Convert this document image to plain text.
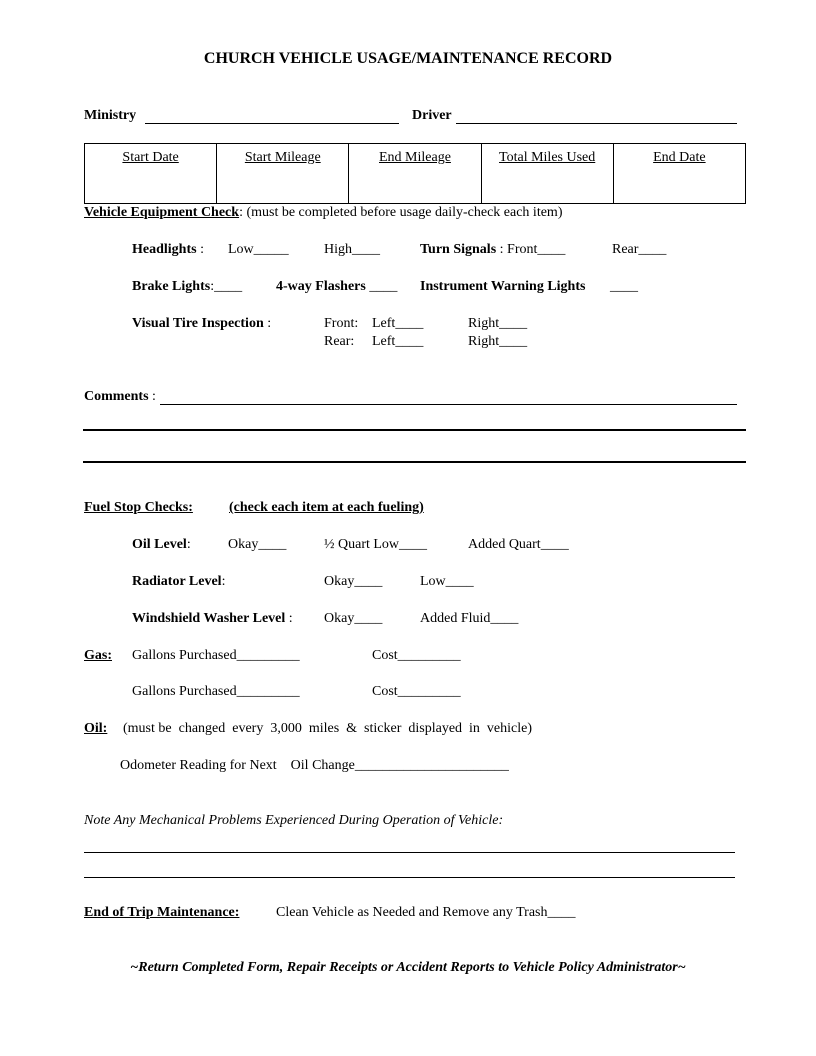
CHURCH VEHICLE USAGE/MAINTENANCE RECORD
Ministry	Driver
Start Date	Start Mileage	End Mileage	Total Miles Used	End Date
Vehicle Equipment Check: (must be completed before usage daily-check each item)
Headlights : Low_____	High____	Turn Signals : Front____	Rear____
Brake Lights:____ 4-way Flashers ____ Instrument Warning Lights ____
Visual Tire Inspection :	Front: Left____	Right____
Rear: Left____	Right____
Comments :
Fuel Stop Checks:	(check each item at each fueling)
Oil Level:	Okay____	½ Quart Low____	Added Quart____
Radiator Level:	Okay____	Low____
Windshield Washer Level : Okay____	Added Fluid____
Gas: Gallons Purchased_________	Cost_________
Gallons Purchased_________	Cost_________
Oil: (must be  changed  every  3,000  miles  &  sticker  displayed  in  vehicle)
Odometer Reading for Next    Oil Change______________________
Note Any Mechanical Problems Experienced During Operation of Vehicle:
End of Trip Maintenance:	Clean Vehicle as Needed and Remove any Trash____
~Return Completed Form, Repair Receipts or Accident Reports to Vehicle Policy Administrator~
